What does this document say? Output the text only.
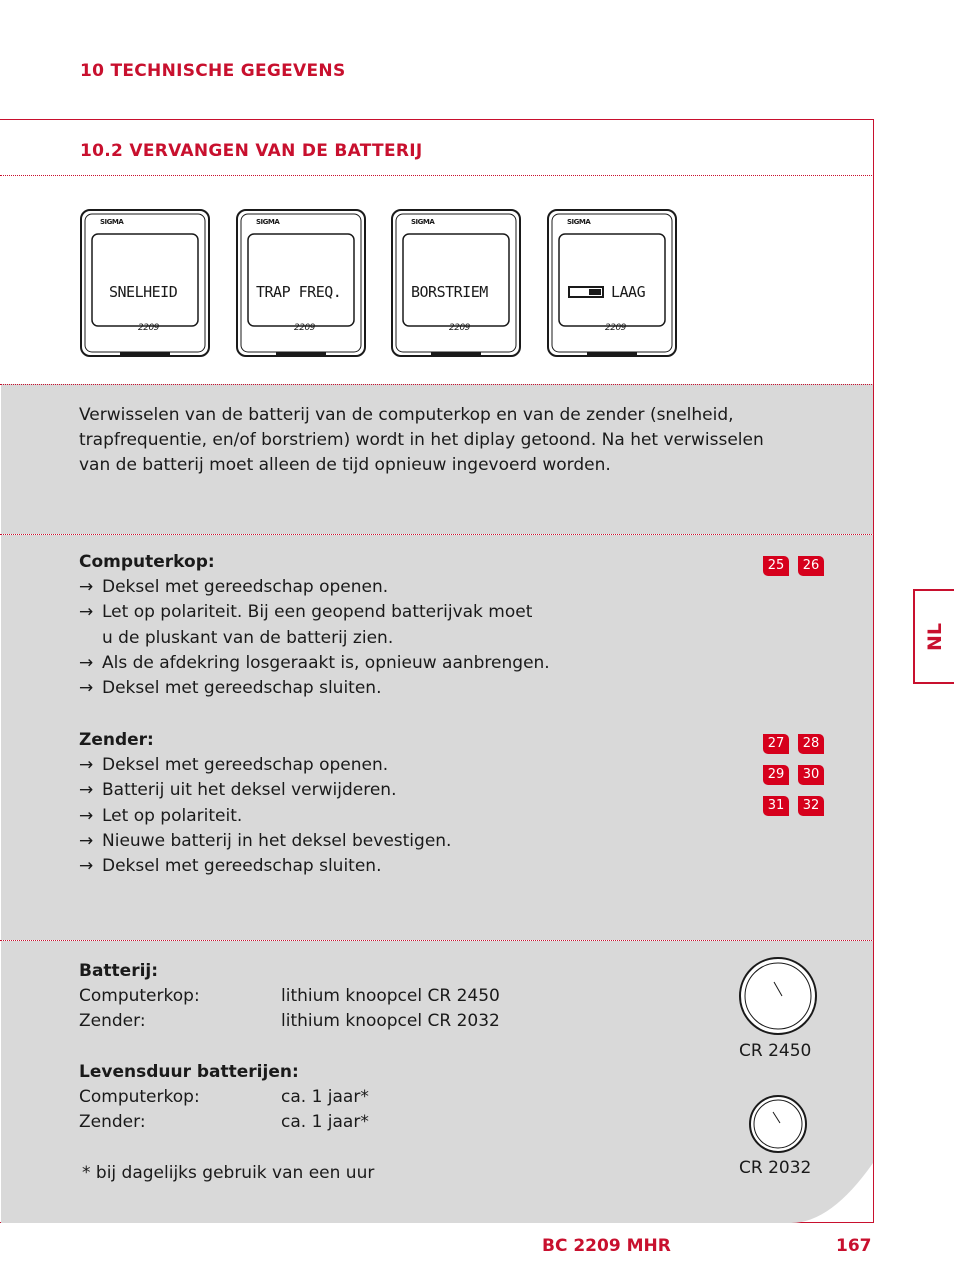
10 TECHNISCHE GEGEVENS
10.2 VERVANGEN VAN DE BATTERIJ
SIGMA
SNELHEID
2209
SIGMA
TRAP FREQ.
2209
SIGMA
BORSTRIEM
2209
SIGMA
LAAG
2209
Verwisselen van de batterij van de computerkop en van de zender (snelheid,
trapfrequentie, en/of borstriem) wordt in het diplay getoond. Na het verwisselen
van de batterij moet alleen de tijd opnieuw ingevoerd worden.
Computerkop:
→ Deksel met gereedschap openen.
→ Let op polariteit. Bij een geopend batterijvak moet
u de pluskant van de batterij zien.
→ Als de afdekring losgeraakt is, opnieuw aanbrengen.
→ Deksel met gereedschap sluiten.
Zender:
→ Deksel met gereedschap openen.
→ Batterij uit het deksel verwijderen.
→ Let op polariteit.
→ Nieuwe batterij in het deksel bevestigen.
→ Deksel met gereedschap sluiten.
25	26
27	28
29	30
31	32
Batterij:
Computerkop:	lithium knoopcel CR 2450
Zender:	lithium knoopcel CR 2032
Levensduur batterijen:
Computerkop:	ca. 1 jaar*
Zender:	ca. 1 jaar*
* bij dagelijks gebruik van een uur
CR 2450
CR 2032
NL
BC 2209 MHR	167
